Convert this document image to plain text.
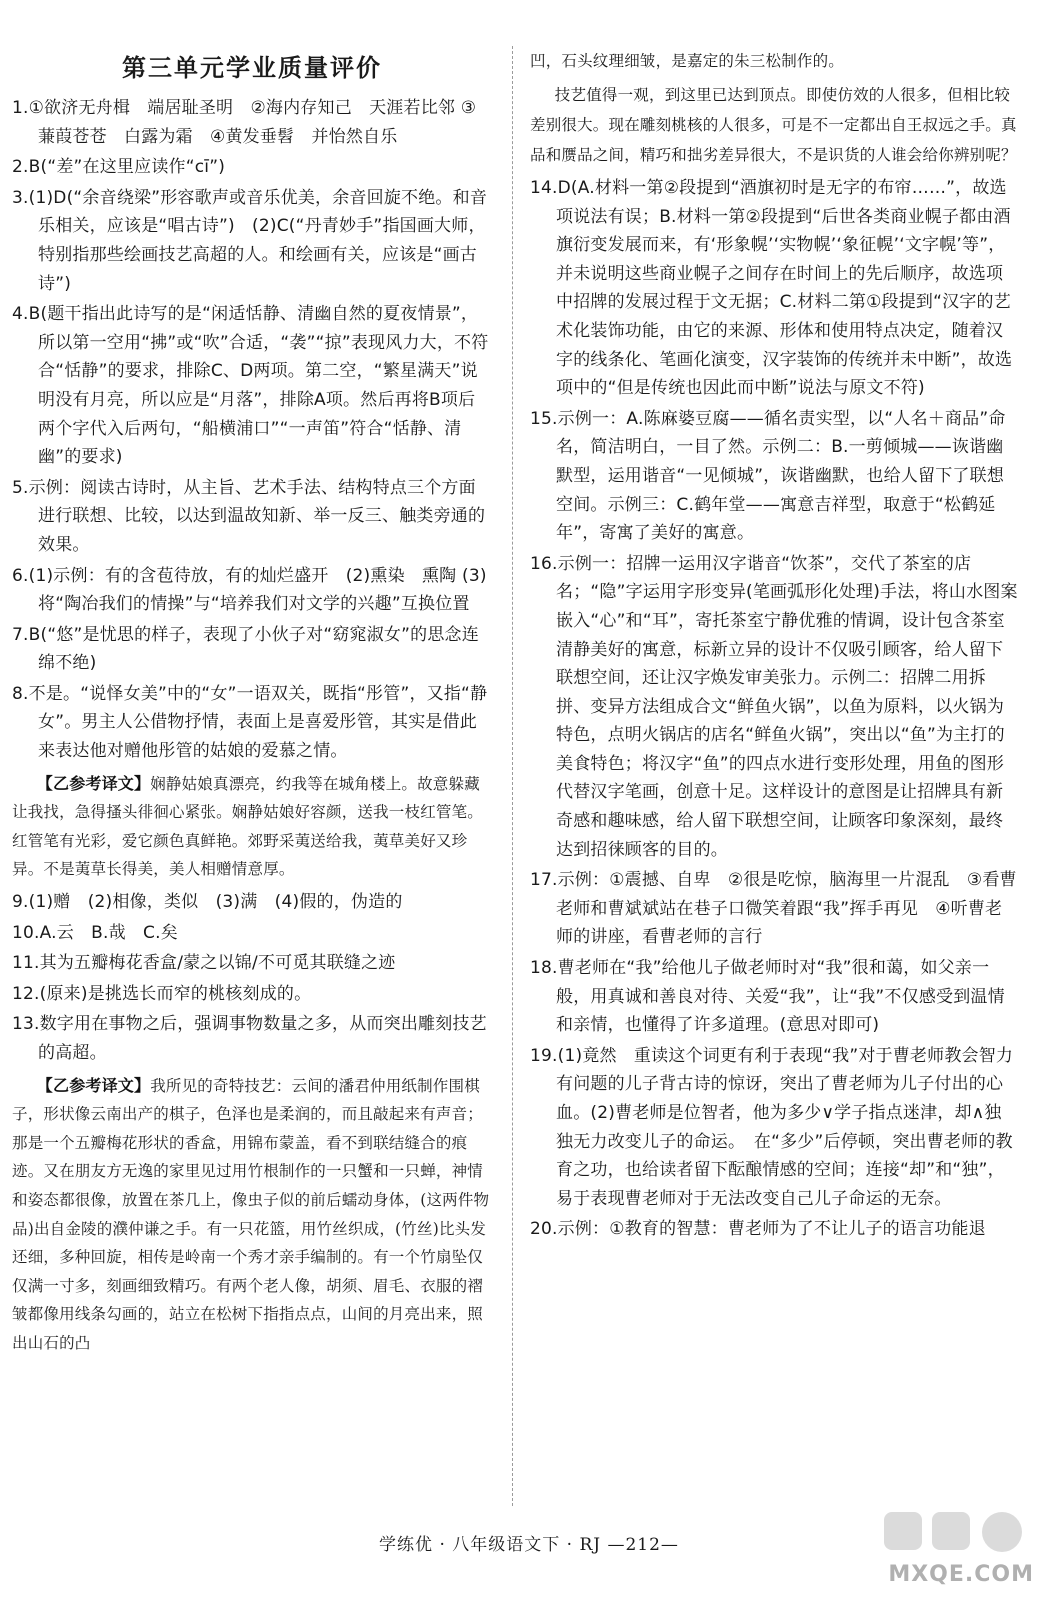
第三单元学业质量评价
1.①欲济无舟楫　端居耻圣明　②海内存知己　天涯若比邻 ③蒹葭苍苍　白露为霜　④黄发垂髫　并怡然自乐
2.B(“差”在这里应读作“cī”)
3.(1)D(“余音绕梁”形容歌声或音乐优美，余音回旋不绝。和音乐相关，应该是“唱古诗”)　(2)C(“丹青妙手”指国画大师，特别指那些绘画技艺高超的人。和绘画有关，应该是“画古诗”)
4.B(题干指出此诗写的是“闲适恬静、清幽自然的夏夜情景”，所以第一空用“拂”或“吹”合适，“袭”“掠”表现风力大，不符合“恬静”的要求，排除C、D两项。第二空，“繁星满天”说明没有月亮，所以应是“月落”，排除A项。然后再将B项后两个字代入后两句，“船横浦口”“一声笛”符合“恬静、清幽”的要求)
5.示例：阅读古诗时，从主旨、艺术手法、结构特点三个方面进行联想、比较，以达到温故知新、举一反三、触类旁通的效果。
6.(1)示例：有的含苞待放，有的灿烂盛开　(2)熏染　熏陶 (3)将“陶冶我们的情操”与“培养我们对文学的兴趣”互换位置
7.B(“悠”是忧思的样子，表现了小伙子对“窈窕淑女”的思念连绵不绝)
8.不是。“说怿女美”中的“女”一语双关，既指“彤管”，又指“静女”。男主人公借物抒情，表面上是喜爱彤管，其实是借此来表达他对赠他彤管的姑娘的爱慕之情。
【乙参考译文】娴静姑娘真漂亮，约我等在城角楼上。故意躲藏让我找，急得搔头徘徊心紧张。娴静姑娘好容颜，送我一枝红管笔。红管笔有光彩，爱它颜色真鲜艳。郊野采荑送给我，荑草美好又珍异。不是荑草长得美，美人相赠情意厚。
9.(1)赠　(2)相像，类似　(3)满　(4)假的，伪造的
10.A.云　B.哉　C.矣
11.其为五瓣梅花香盒/蒙之以锦/不可觅其联缝之迹
12.(原来)是挑选长而窄的桃核刻成的。
13.数字用在事物之后，强调事物数量之多，从而突出雕刻技艺的高超。
【乙参考译文】我所见的奇特技艺：云间的潘君仲用纸制作围棋子，形状像云南出产的棋子，色泽也是柔润的，而且敲起来有声音；那是一个五瓣梅花形状的香盒，用锦布蒙盖，看不到联结缝合的痕迹。又在朋友方无逸的家里见过用竹根制作的一只蟹和一只蝉，神情和姿态都很像，放置在茶几上，像虫子似的前后蠕动身体，(这两件物品)出自金陵的濮仲谦之手。有一只花篮，用竹丝织成，(竹丝)比头发还细，多种回旋，相传是岭南一个秀才亲手编制的。有一个竹扇坠仅仅满一寸多，刻画细致精巧。有两个老人像，胡须、眉毛、衣服的褶皱都像用线条勾画的，站立在松树下指指点点，山间的月亮出来，照出山石的凸
凹，石头纹理细皱，是嘉定的朱三松制作的。
技艺值得一观，到这里已达到顶点。即使仿效的人很多，但相比较差别很大。现在雕刻桃核的人很多，可是不一定都出自王叔远之手。真品和赝品之间，精巧和拙劣差异很大，不是识货的人谁会给你辨别呢？
14.D(A.材料一第②段提到“酒旗初时是无字的布帘……”，故选项说法有误；B.材料一第②段提到“后世各类商业幌子都由酒旗衍变发展而来，有‘形象幌’‘实物幌’‘象征幌’‘文字幌’等”，并未说明这些商业幌子之间存在时间上的先后顺序，故选项中招牌的发展过程于文无据；C.材料二第①段提到“汉字的艺术化装饰功能，由它的来源、形体和使用特点决定，随着汉字的线条化、笔画化演变，汉字装饰的传统并未中断”，故选项中的“但是传统也因此而中断”说法与原文不符)
15.示例一：A.陈麻婆豆腐——循名责实型，以“人名＋商品”命名，简洁明白，一目了然。示例二：B.一剪倾城——诙谐幽默型，运用谐音“一见倾城”，诙谐幽默，也给人留下了联想空间。示例三：C.鹤年堂——寓意吉祥型，取意于“松鹤延年”，寄寓了美好的寓意。
16.示例一：招牌一运用汉字谐音“饮茶”，交代了茶室的店名；“隐”字运用字形变异(笔画弧形化处理)手法，将山水图案嵌入“心”和“耳”，寄托茶室宁静优雅的情调，设计包含茶室清静美好的寓意，标新立异的设计不仅吸引顾客，给人留下联想空间，还让汉字焕发审美张力。示例二：招牌二用拆拼、变异方法组成合文“鲜鱼火锅”，以鱼为原料，以火锅为特色，点明火锅店的店名“鲜鱼火锅”，突出以“鱼”为主打的美食特色；将汉字“鱼”的四点水进行变形处理，用鱼的图形代替汉字笔画，创意十足。这样设计的意图是让招牌具有新奇感和趣味感，给人留下联想空间，让顾客印象深刻，最终达到招徕顾客的目的。
17.示例：①震撼、自卑　②很是吃惊，脑海里一片混乱　③看曹老师和曹斌斌站在巷子口微笑着跟“我”挥手再见　④听曹老师的讲座，看曹老师的言行
18.曹老师在“我”给他儿子做老师时对“我”很和蔼，如父亲一般，用真诚和善良对待、关爱“我”，让“我”不仅感受到温情和亲情，也懂得了许多道理。(意思对即可)
19.(1)竟然　重读这个词更有利于表现“我”对于曹老师教会智力有问题的儿子背古诗的惊讶，突出了曹老师为儿子付出的心血。(2)曹老师是位智者，他为多少∨学子指点迷津，却∧独独无力改变儿子的命运。　在“多少”后停顿，突出曹老师的教育之功，也给读者留下酝酿情感的空间；连接“却”和“独”，易于表现曹老师对于无法改变自己儿子命运的无奈。
20.示例：①教育的智慧：曹老师为了不让儿子的语言功能退
学练优 · 八年级语文下 · RJ —212—
MXQE.COM
